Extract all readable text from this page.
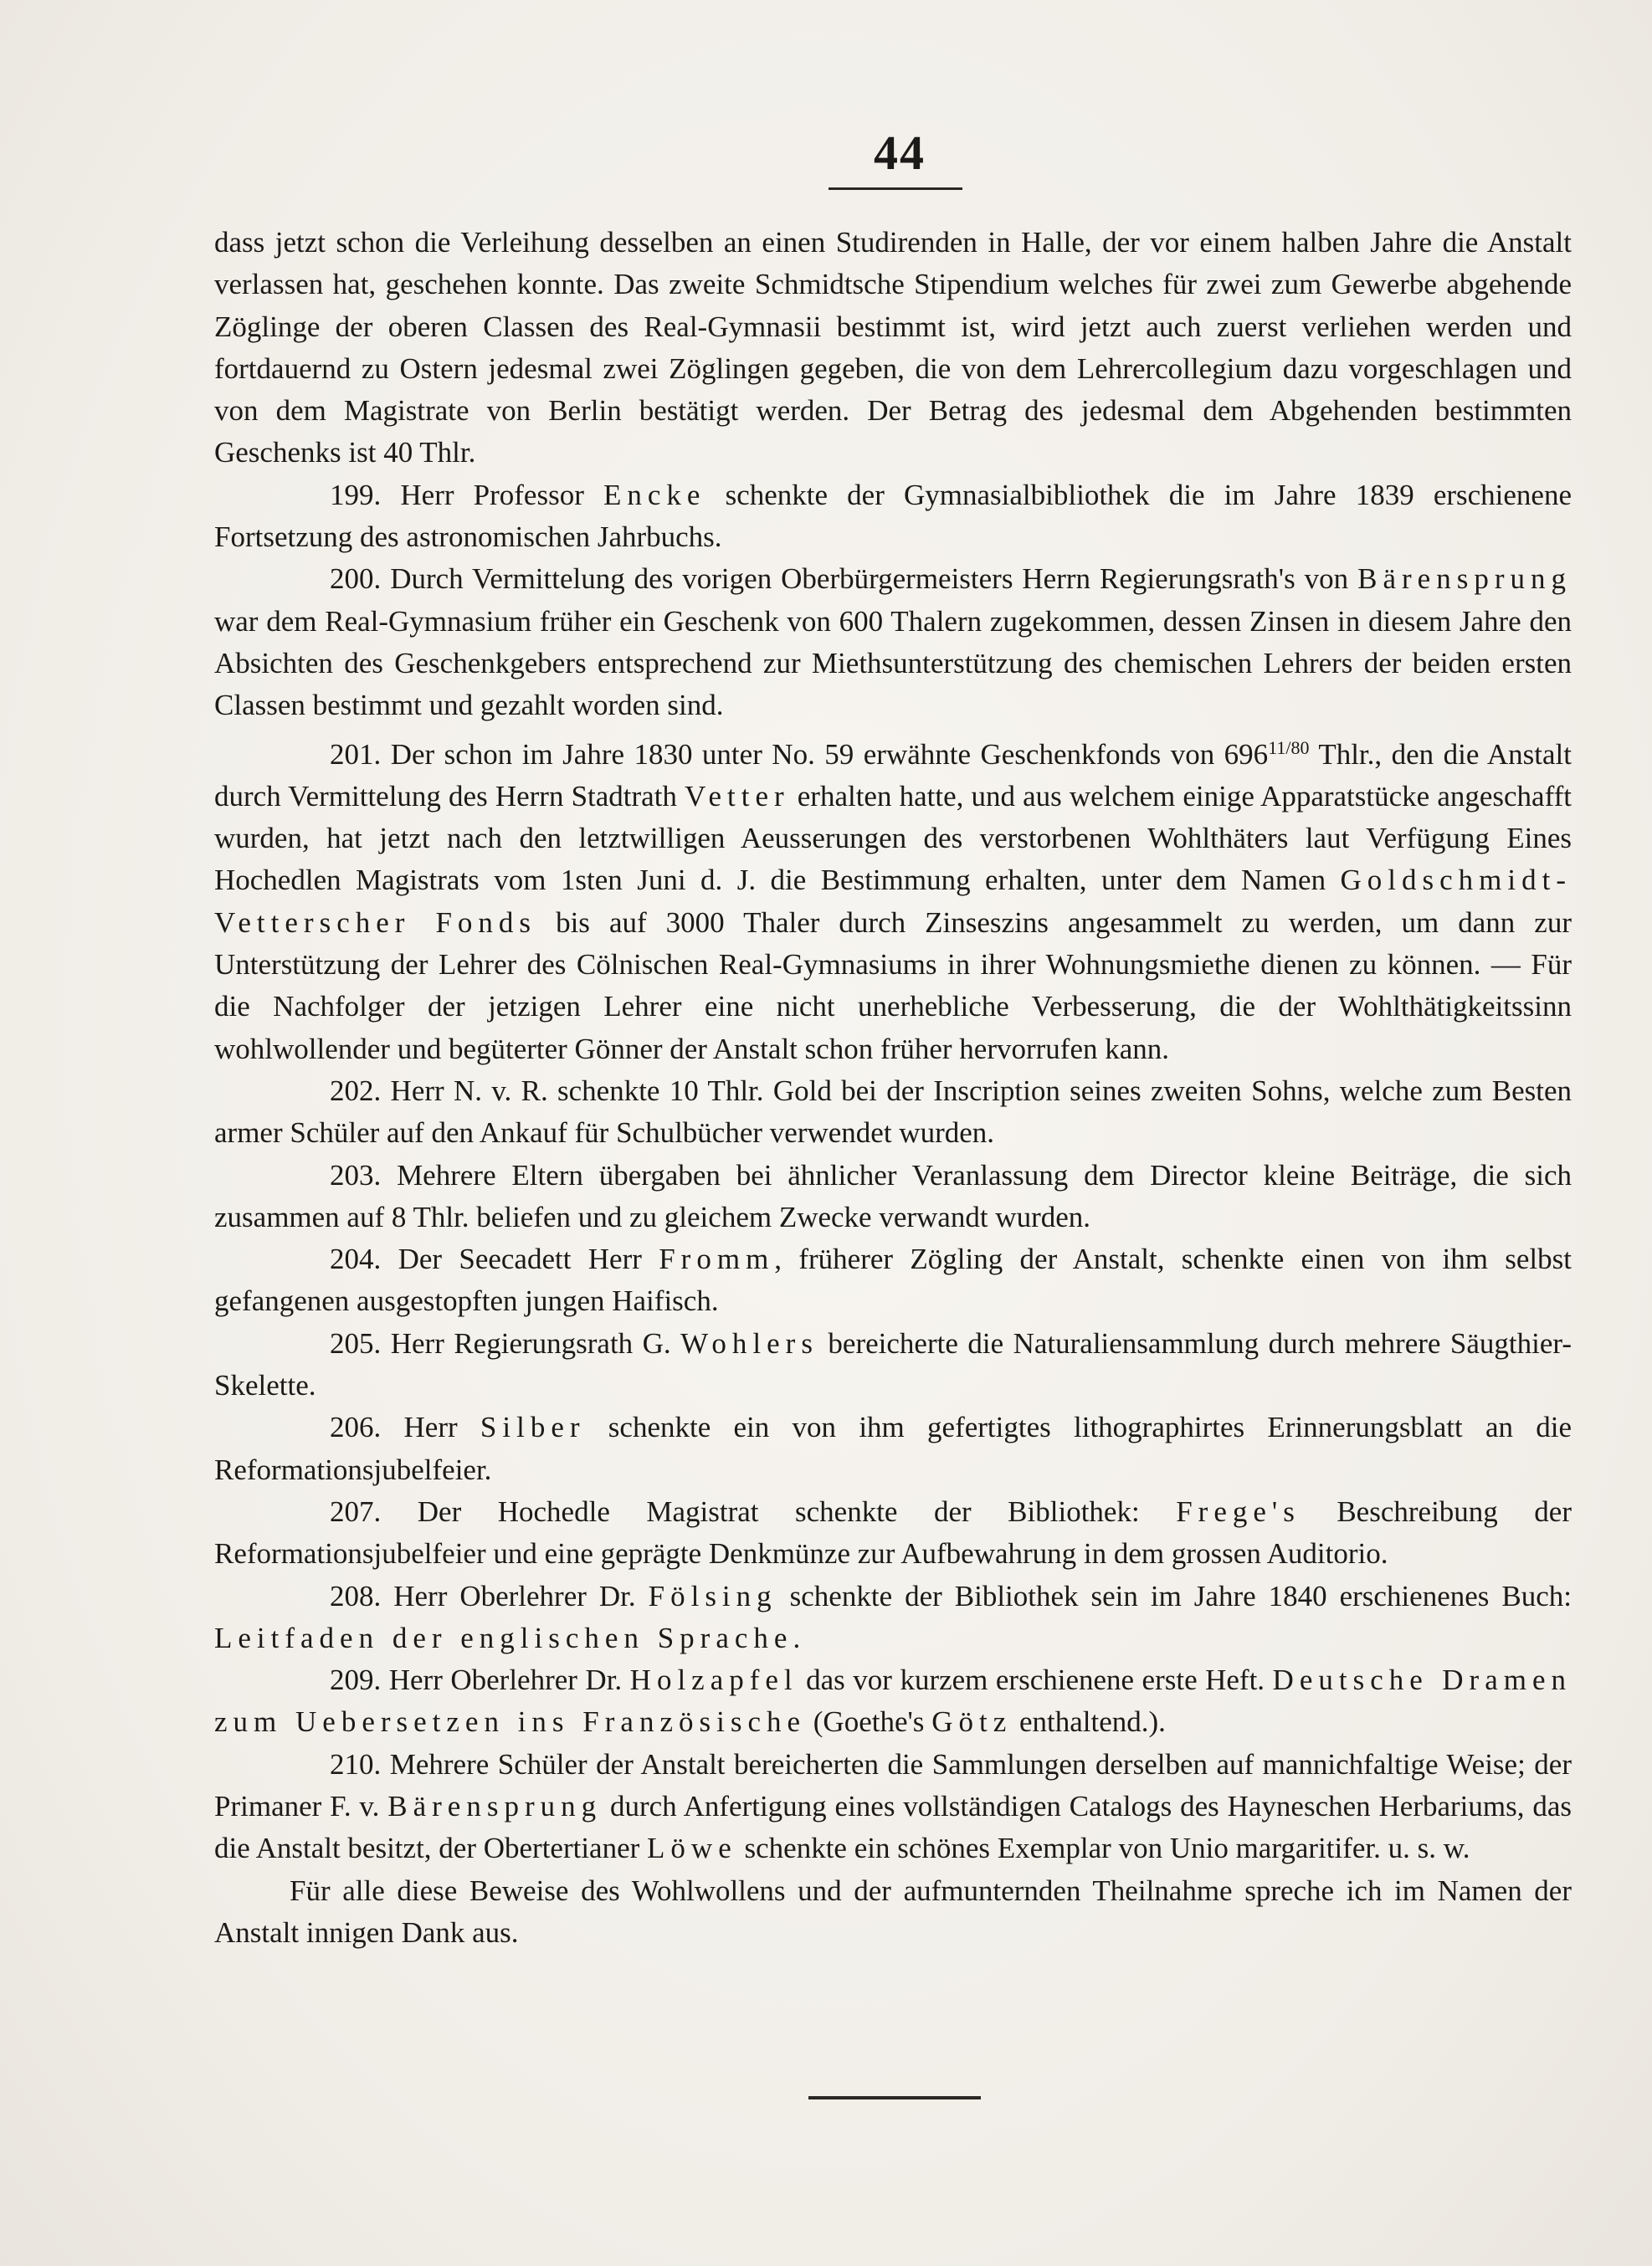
44

dass jetzt schon die Verleihung desselben an einen Studirenden in Halle, der vor einem halben Jahre die Anstalt verlassen hat, geschehen konnte. Das zweite Schmidtsche Stipendium welches für zwei zum Gewerbe abgehende Zöglinge der oberen Classen des Real-Gymnasii bestimmt ist, wird jetzt auch zuerst verliehen werden und fortdauernd zu Ostern jedesmal zwei Zöglingen gegeben, die von dem Lehrercollegium dazu vorgeschlagen und von dem Magistrate von Berlin bestätigt werden. Der Betrag des jedesmal dem Abgehenden bestimmten Geschenks ist 40 Thlr.

199. Herr Professor Encke schenkte der Gymnasialbibliothek die im Jahre 1839 erschienene Fortsetzung des astronomischen Jahrbuchs.

200. Durch Vermittelung des vorigen Oberbürgermeisters Herrn Regierungsrath's von Bärensprung war dem Real-Gymnasium früher ein Geschenk von 600 Thalern zugekommen, dessen Zinsen in diesem Jahre den Absichten des Geschenkgebers entsprechend zur Miethsunterstützung des chemischen Lehrers der beiden ersten Classen bestimmt und gezahlt worden sind.

201. Der schon im Jahre 1830 unter No. 59 erwähnte Geschenkfonds von $696^{11/80}$ Thlr., den die Anstalt durch Vermittelung des Herrn Stadtrath Vetter erhalten hatte, und aus welchem einige Apparatstücke angeschafft wurden, hat jetzt nach den letztwilligen Aeusserungen des verstorbenen Wohlthäters laut Verfügung Eines Hochedlen Magistrats vom 1sten Juni d. J. die Bestimmung erhalten, unter dem Namen Goldschmidt-Vetterscher Fonds bis auf 3000 Thaler durch Zinseszins angesammelt zu werden, um dann zur Unterstützung der Lehrer des Cölnischen Real-Gymnasiums in ihrer Wohnungsmiethe dienen zu können. — Für die Nachfolger der jetzigen Lehrer eine nicht unerhebliche Verbesserung, die der Wohlthätigkeitssinn wohlwollender und begüterter Gönner der Anstalt schon früher hervorrufen kann.

202. Herr N. v. R. schenkte 10 Thlr. Gold bei der Inscription seines zweiten Sohns, welche zum Besten armer Schüler auf den Ankauf für Schulbücher verwendet wurden.

203. Mehrere Eltern übergaben bei ähnlicher Veranlassung dem Director kleine Beiträge, die sich zusammen auf 8 Thlr. beliefen und zu gleichem Zwecke verwandt wurden.

204. Der Seecadett Herr Fromm, früherer Zögling der Anstalt, schenkte einen von ihm selbst gefangenen ausgestopften jungen Haifisch.

205. Herr Regierungsrath G. Wohlers bereicherte die Naturaliensammlung durch mehrere Säugthier-Skelette.

206. Herr Silber schenkte ein von ihm gefertigtes lithographirtes Erinnerungsblatt an die Reformationsjubelfeier.

207. Der Hochedle Magistrat schenkte der Bibliothek: Frege's Beschreibung der Reformationsjubelfeier und eine geprägte Denkmünze zur Aufbewahrung in dem grossen Auditorio.

208. Herr Oberlehrer Dr. Fölsing schenkte der Bibliothek sein im Jahre 1840 erschienenes Buch: Leitfaden der englischen Sprache.

209. Herr Oberlehrer Dr. Holzapfel das vor kurzem erschienene erste Heft. Deutsche Dramen zum Uebersetzen ins Französische (Goethe's Götz enthaltend.).

210. Mehrere Schüler der Anstalt bereicherten die Sammlungen derselben auf mannichfaltige Weise; der Primaner F. v. Bärensprung durch Anfertigung eines vollständigen Catalogs des Hayneschen Herbariums, das die Anstalt besitzt, der Obertertianer Löwe schenkte ein schönes Exemplar von Unio margaritifer. u. s. w.

Für alle diese Beweise des Wohlwollens und der aufmunternden Theilnahme spreche ich im Namen der Anstalt innigen Dank aus.
